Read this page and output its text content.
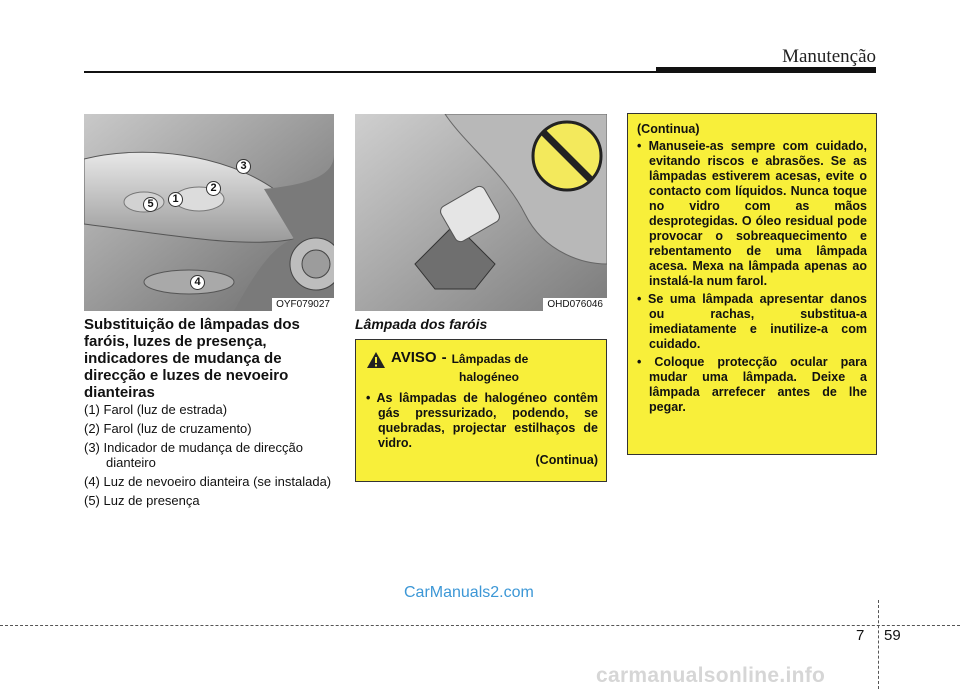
Manutenção
1
2
3
4
5
OYF079027
Substituição de lâmpadas dos faróis, luzes de presença, indicadores de mudança de direcção e luzes de nevoeiro dianteiras
(1) Farol (luz de estrada)
(2) Farol (luz de cruzamento)
(3) Indicador de mudança de direcção dianteiro
(4) Luz de nevoeiro dianteira (se instalada)
(5) Luz de presença
OHD076046
Lâmpada dos faróis
AVISO - Lâmpadas de
halogéneo
• As lâmpadas de halogéneo contêm gás pressurizado, podendo, se quebradas, projectar estilhaços de vidro.
(Continua)
(Continua)
• Manuseie-as sempre com cuidado, evitando riscos e abrasões. Se as lâmpadas estiverem acesas, evite o contacto com líquidos. Nunca toque no vidro com as mãos desprotegidas. O óleo residual pode provocar o sobreaquecimento e rebentamento de uma lâmpada acesa. Mexa na lâmpada apenas ao instalá-la num farol.
• Se uma lâmpada apresentar danos ou rachas, substitua-a imediatamente e inutilize-a com cuidado.
• Coloque protecção ocular para mudar uma lâmpada. Deixe a lâmpada arrefecer antes de lhe pegar.
CarManuals2.com
7 59
carmanualsonline.info
